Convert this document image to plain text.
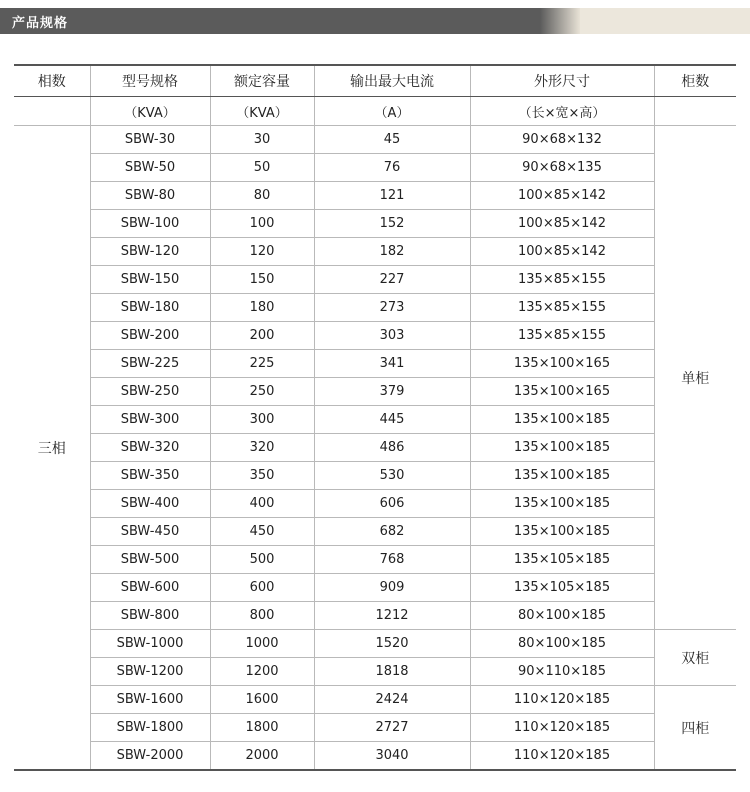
产品规格
相数	型号规格	额定容量	输出最大电流	外形尺寸	柜数
	（KVA）	（KVA）	（A）	（长×宽×高）	
三相	SBW-30	30	45	90×68×132	单柜
	SBW-50	50	76	90×68×135	
	SBW-80	80	121	100×85×142	
	SBW-100	100	152	100×85×142	
	SBW-120	120	182	100×85×142	
	SBW-150	150	227	135×85×155	
	SBW-180	180	273	135×85×155	
	SBW-200	200	303	135×85×155	
	SBW-225	225	341	135×100×165	
	SBW-250	250	379	135×100×165	
	SBW-300	300	445	135×100×185	
	SBW-320	320	486	135×100×185	
	SBW-350	350	530	135×100×185	
	SBW-400	400	606	135×100×185	
	SBW-450	450	682	135×100×185	
	SBW-500	500	768	135×105×185	
	SBW-600	600	909	135×105×185	
	SBW-800	800	1212	80×100×185	
	SBW-1000	1000	1520	80×100×185	双柜
	SBW-1200	1200	1818	90×110×185	
	SBW-1600	1600	2424	110×120×185	四柜
	SBW-1800	1800	2727	110×120×185	
	SBW-2000	2000	3040	110×120×185	
